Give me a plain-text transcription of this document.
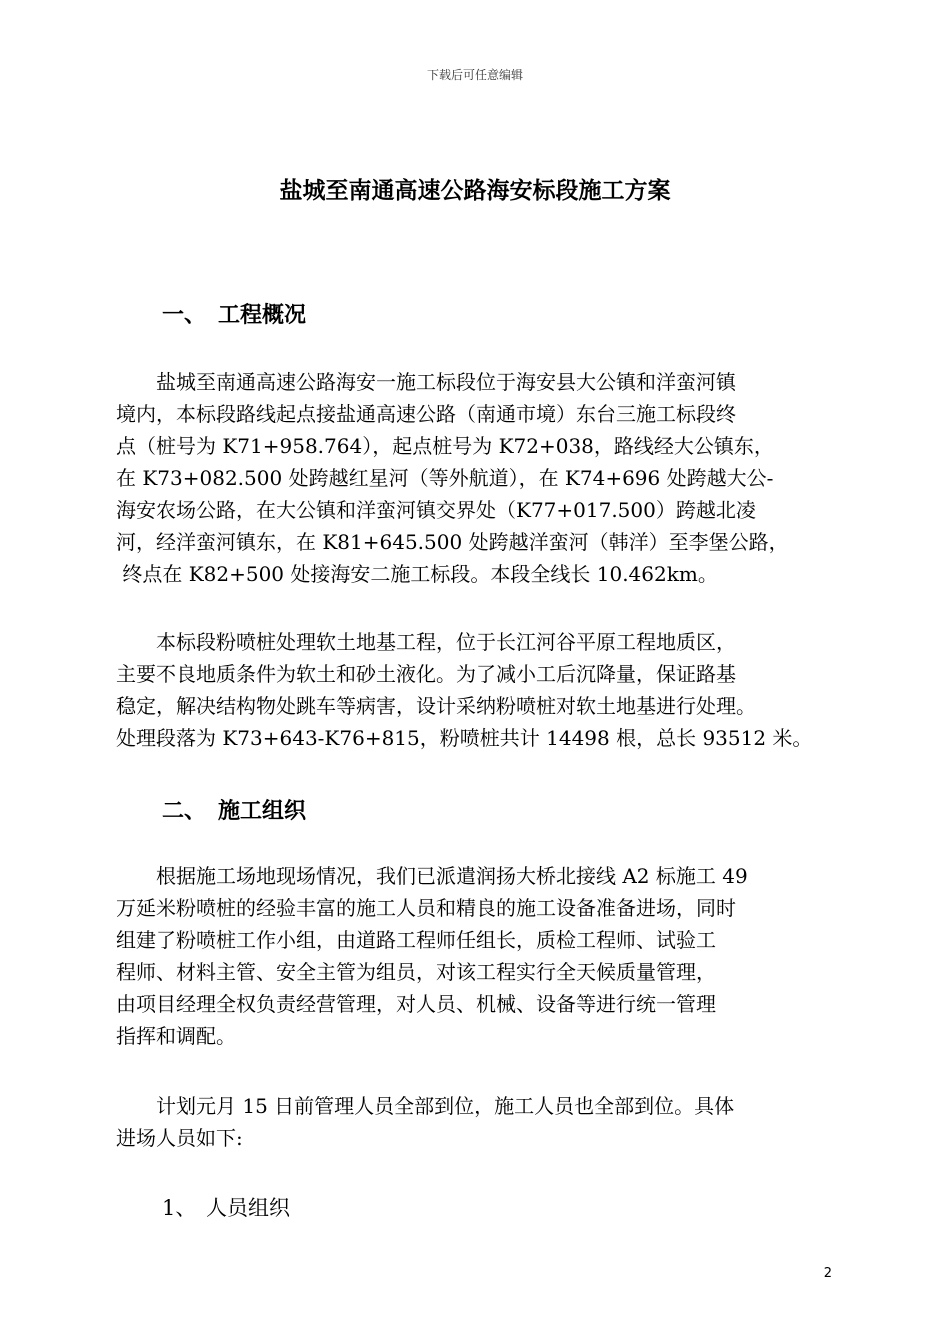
下载后可任意编辑
盐城至南通高速公路海安标段施工方案
一、 工程概况
　　盐城至南通高速公路海安一施工标段位于海安县大公镇和洋蛮河镇
境内，本标段路线起点接盐通高速公路（南通市境）东台三施工标段终
点（桩号为 K71+958.764），起点桩号为 K72+038，路线经大公镇东，
在 K73+082.500 处跨越红星河（等外航道），在 K74+696 处跨越大公-
海安农场公路，在大公镇和洋蛮河镇交界处（K77+017.500）跨越北凌
河，经洋蛮河镇东，在 K81+645.500 处跨越洋蛮河（韩洋）至李堡公路，
终点在 K82+500 处接海安二施工标段。本段全线长 10.462km。
　　本标段粉喷桩处理软土地基工程，位于长江河谷平原工程地质区，
主要不良地质条件为软土和砂土液化。为了减小工后沉降量，保证路基
稳定，解决结构物处跳车等病害，设计采纳粉喷桩对软土地基进行处理。
处理段落为 K73+643-K76+815，粉喷桩共计 14498 根，总长 93512 米。
二、 施工组织
　　根据施工场地现场情况，我们已派遣润扬大桥北接线 A2 标施工 49
万延米粉喷桩的经验丰富的施工人员和精良的施工设备准备进场，同时
组建了粉喷桩工作小组，由道路工程师任组长，质检工程师、试验工
程师、材料主管、安全主管为组员，对该工程实行全天候质量管理，
由项目经理全权负责经营管理，对人员、机械、设备等进行统一管理
指挥和调配。
　　计划元月 15 日前管理人员全部到位，施工人员也全部到位。具体
进场人员如下:
1、 人员组织
2
